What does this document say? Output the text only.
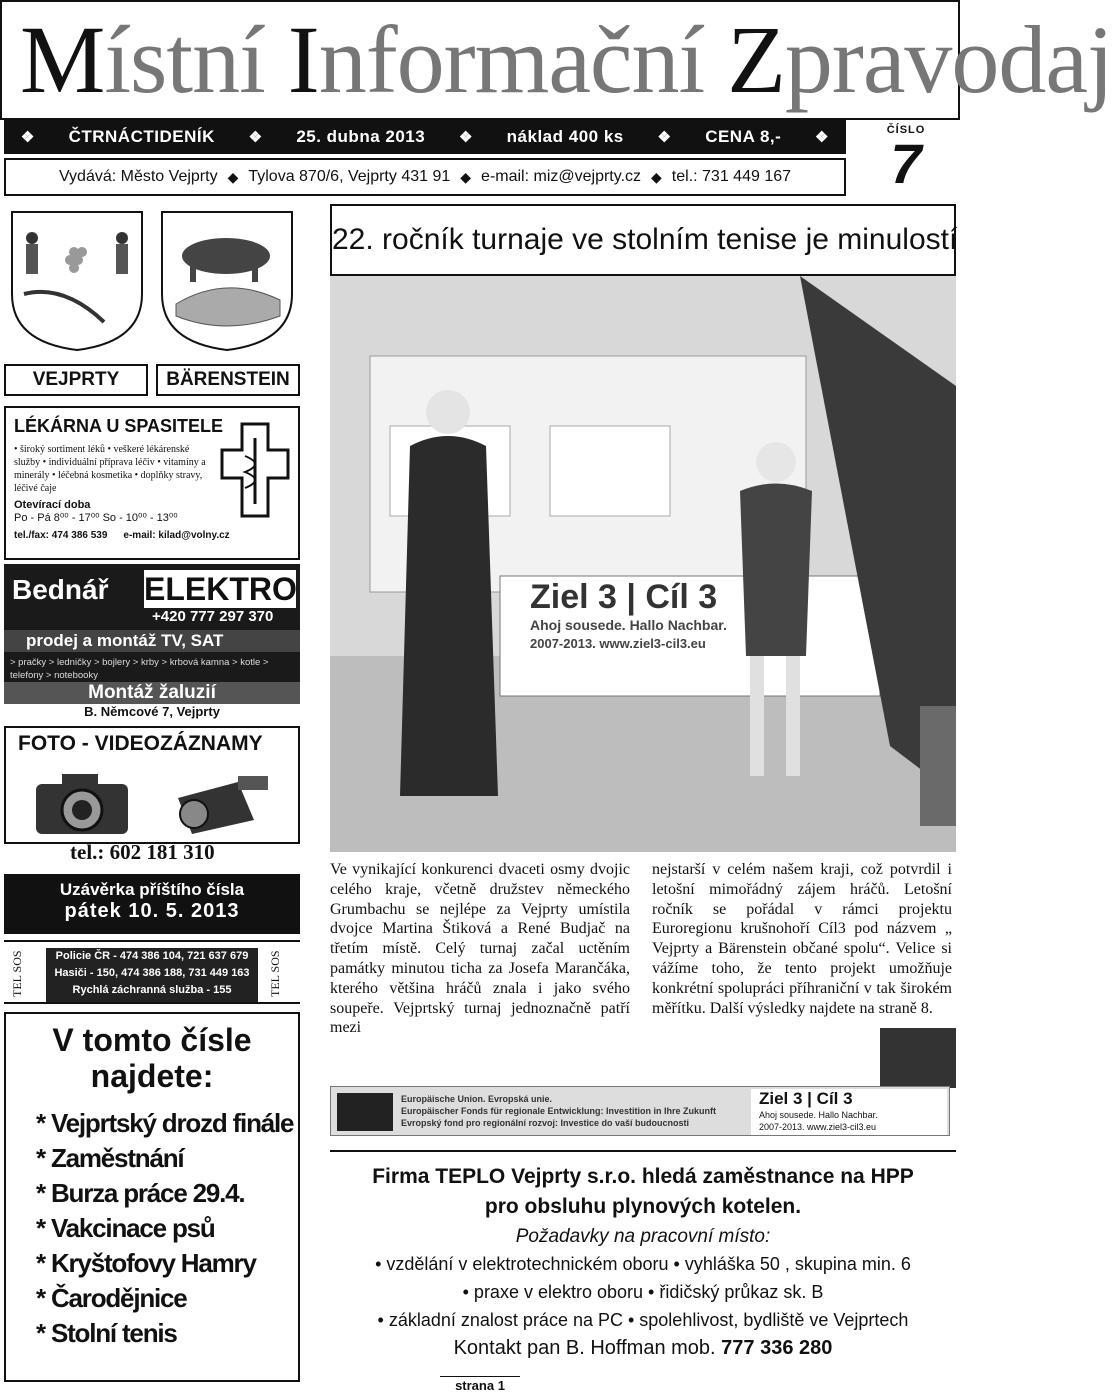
Místní Informační Zpravodaj
❖ ČTRNÁCTIDENÍK ❖ 25. dubna 2013 ❖ náklad 400 ks ❖ CENA 8,- ❖
Vydává: Město Vejprty ◆ Tylova 870/6, Vejprty 431 91 ◆ e-mail: miz@vejprty.cz ◆ tel.: 731 449 167
ČÍSLO
7
VEJPRTY	BÄRENSTEIN
LÉKÁRNA U SPASITELE
• široký sortiment léků • veškeré lékárenské služby • individuální příprava léčiv • vitamíny a minerály • léčebná kosmetika • doplňky stravy, léčivé čaje
Otevírací doba
Po - Pá 8⁰⁰ - 17⁰⁰ So - 10⁰⁰ - 13⁰⁰
tel./fax: 474 386 539 e-mail: kilad@volny.cz
Bednář ELEKTRO
+420 777 297 370
prodej a montáž TV, SAT
> pračky > ledničky > bojlery > krby > krbová kamna > kotle > telefony > notebooky
Montáž žaluzií
B. Němcové 7, Vejprty
FOTO - VIDEOZÁZNAMY
tel.: 602 181 310
Uzávěrka příštího čísla
pátek 10. 5. 2013
TEL SOS	Policie ČR - 474 386 104, 721 637 679
Hasiči - 150, 474 386 188, 731 449 163
Rychlá záchranná služba - 155	TEL SOS
V tomto čísle najdete:
* Vejprtský drozd finále
* Zaměstnání
* Burza práce 29.4.
* Vakcinace psů
* Kryštofovy Hamry
* Čarodějnice
* Stolní tenis
22. ročník turnaje ve stolním tenise je minulostí
Ziel 3 | Cíl 3
Ahoj sousede. Hallo Nachbar.
2007-2013. www.ziel3-cil3.eu
Ve vynikající konkurenci dvaceti osmy dvojic celého kraje, včetně družstev německého Grumbachu se nejlépe za Vejprty umístila dvojce Martina Štiková a René Budjač na třetím místě. Celý turnaj začal uctěním památky minutou ticha za Josefa Marančáka, kterého většina hráčů znala i jako svého soupeře. Vejprtský turnaj jednoznačně patří mezi
nejstarší v celém našem kraji, což potvrdil i letošní mimořádný zájem hráčů. Letošní ročník se pořádal v rámci projektu Euroregionu krušnohoří Cíl3 pod názvem „ Vejprty a Bärenstein občané spolu“. Velice si vážíme toho, že tento projekt umožňuje konkrétní spolupráci příhraniční v tak širokém měřítku. Další výsledky najdete na straně 8.
Europäische Union. Evropská unie.
Europäischer Fonds für regionale Entwicklung: Investition in Ihre Zukunft
Evropský fond pro regionální rozvoj: Investice do vaší budoucnosti
Ziel 3 | Cíl 3
Ahoj sousede. Hallo Nachbar.
2007-2013. www.ziel3-cil3.eu
Firma TEPLO Vejprty s.r.o. hledá zaměstnance na HPP
pro obsluhu plynových kotelen.
Požadavky na pracovní místo:
• vzdělání v elektrotechnickém oboru • vyhláška 50 , skupina min. 6
• praxe v elektro oboru • řidičský průkaz sk. B
• základní znalost práce na PC • spolehlivost, bydliště ve Vejprtech
Kontakt pan B. Hoffman mob. 777 336 280
strana 1
